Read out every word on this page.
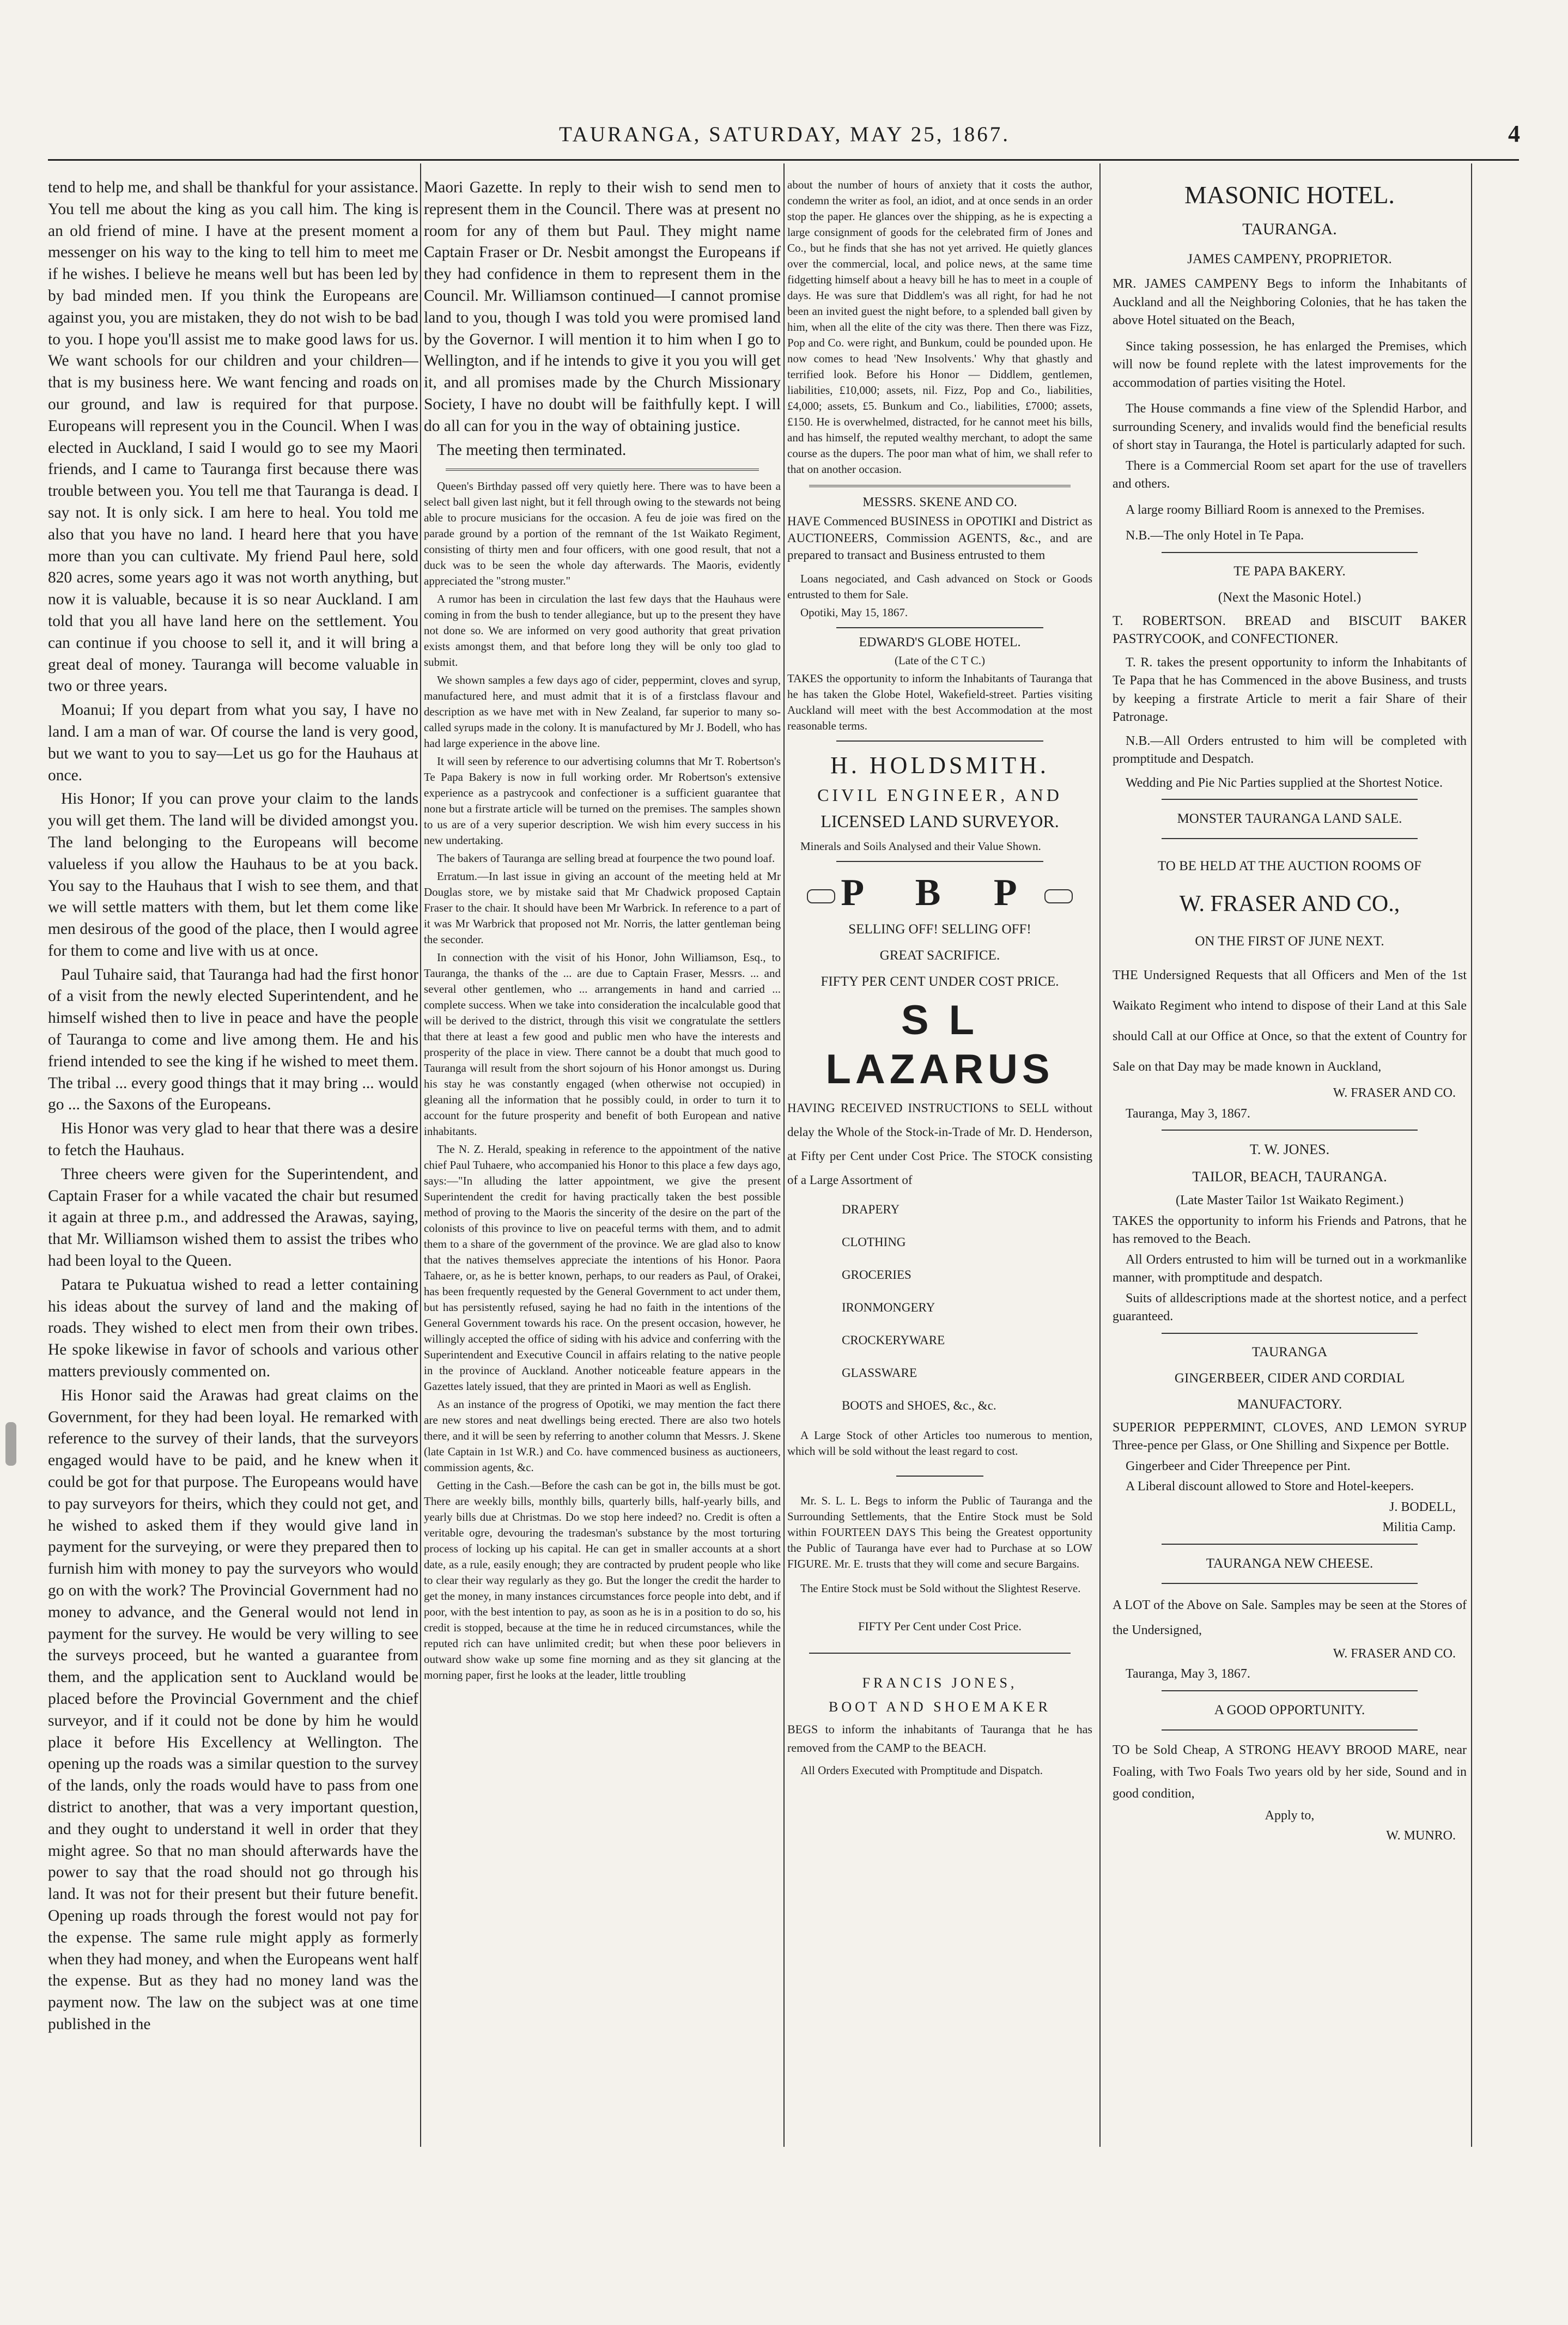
TAURANGA, SATURDAY, MAY 25, 1867.	4

tend to help me, and shall be thankful for your assistance. You tell me about the king as you call him. The king is an old friend of mine. I have at the present moment a messenger on his way to the king to tell him to meet me if he wishes. I believe he means well but has been led by by bad minded men. If you think the Europeans are against you, you are mistaken, they do not wish to be bad to you. I hope you'll assist me to make good laws for us. We want schools for our children and your children—that is my business here. We want fencing and roads on our ground, and law is required for that purpose. Europeans will represent you in the Council. When I was elected in Auckland, I said I would go to see my Maori friends, and I came to Tauranga first because there was trouble between you. You tell me that Tauranga is dead. I say not. It is only sick. I am here to heal. You told me also that you have no land. I heard here that you have more than you can cultivate. My friend Paul here, sold 820 acres, some years ago it was not worth anything, but now it is valuable, because it is so near Auckland. I am told that you all have land here on the settlement. You can continue if you choose to sell it, and it will bring a great deal of money. Tauranga will become valuable in two or three years.

Moanui; If you depart from what you say, I have no land. I am a man of war. Of course the land is very good, but we want to you to say—Let us go for the Hauhaus at once.

His Honor; If you can prove your claim to the lands you will get them. The land will be divided amongst you. The land belonging to the Europeans will become valueless if you allow the Hauhaus to be at you back. You say to the Hauhaus that I wish to see them, and that we will settle matters with them, but let them come like men desirous of the good of the place, then I would agree for them to come and live with us at once.

Paul Tuhaire said, that Tauranga had had the first honor of a visit from the newly elected Superintendent, and he himself wished then to live in peace and have the people of Tauranga to come and live among them. He and his friend intended to see the king if he wished to meet them. The tribal ... every good things that it may bring ... would go ... the Saxons of the Europeans.

His Honor was very glad to hear that there was a desire to fetch the Hauhaus.

Three cheers were given for the Superintendent, and Captain Fraser for a while vacated the chair but resumed it again at three p.m., and addressed the Arawas, saying, that Mr. Williamson wished them to assist the tribes who had been loyal to the Queen.

Patara te Pukuatua wished to read a letter containing his ideas about the survey of land and the making of roads. They wished to elect men from their own tribes. He spoke likewise in favor of schools and various other matters previously commented on.

His Honor said the Arawas had great claims on the Government, for they had been loyal. He remarked with reference to the survey of their lands, that the surveyors engaged would have to be paid, and he knew when it could be got for that purpose. The Europeans would have to pay surveyors for theirs, which they could not get, and he wished to asked them if they would give land in payment for the surveying, or were they prepared then to furnish him with money to pay the surveyors who would go on with the work? The Provincial Government had no money to advance, and the General would not lend in payment for the survey. He would be very willing to see the surveys proceed, but he wanted a guarantee from them, and the application sent to Auckland would be placed before the Provincial Government and the chief surveyor, and if it could not be done by him he would place it before His Excellency at Wellington. The opening up the roads was a similar question to the survey of the lands, only the roads would have to pass from one district to another, that was a very important question, and they ought to understand it well in order that they might agree. So that no man should afterwards have the power to say that the road should not go through his land. It was not for their present but their future benefit. Opening up roads through the forest would not pay for the expense. The same rule might apply as formerly when they had money, and when the Europeans went half the expense. But as they had no money land was the payment now. The law on the subject was at one time published in the

Maori Gazette. In reply to their wish to send men to represent them in the Council. There was at present no room for any of them but Paul. They might name Captain Fraser or Dr. Nesbit amongst the Europeans if they had confidence in them to represent them in the Council. Mr. Williamson continued—I cannot promise land to you, though I was told you were promised land by the Governor. I will mention it to him when I go to Wellington, and if he intends to give it you you will get it, and all promises made by the Church Missionary Society, I have no doubt will be faithfully kept. I will do all can for you in the way of obtaining justice.

The meeting then terminated.

Queen's Birthday passed off very quietly here. There was to have been a select ball given last night, but it fell through owing to the stewards not being able to procure musicians for the occasion. A feu de joie was fired on the parade ground by a portion of the remnant of the 1st Waikato Regiment, consisting of thirty men and four officers, with one good result, that not a duck was to be seen the whole day afterwards. The Maoris, evidently appreciated the "strong muster."

A rumor has been in circulation the last few days that the Hauhaus were coming in from the bush to tender allegiance, but up to the present they have not done so. We are informed on very good authority that great privation exists amongst them, and that before long they will be only too glad to submit.

We shown samples a few days ago of cider, peppermint, cloves and syrup, manufactured here, and must admit that it is of a firstclass flavour and description as we have met with in New Zealand, far superior to many so-called syrups made in the colony. It is manufactured by Mr J. Bodell, who has had large experience in the above line.

It will seen by reference to our advertising columns that Mr T. Robertson's Te Papa Bakery is now in full working order. Mr Robertson's extensive experience as a pastrycook and confectioner is a sufficient guarantee that none but a firstrate article will be turned on the premises. The samples shown to us are of a very superior description. We wish him every success in his new undertaking.

The bakers of Tauranga are selling bread at fourpence the two pound loaf.

Erratum.—In last issue in giving an account of the meeting held at Mr Douglas store, we by mistake said that Mr Chadwick proposed Captain Fraser to the chair. It should have been Mr Warbrick. In reference to a part of it was Mr Warbrick that proposed not Mr. Norris, the latter gentleman being the seconder.

In connection with the visit of his Honor, John Williamson, Esq., to Tauranga, the thanks of the ... are due to Captain Fraser, Messrs. ... and several other gentlemen, who ... arrangements in hand and carried ... complete success. When we take into consideration the incalculable good that will be derived to the district, through this visit we congratulate the settlers that there at least a few good and public men who have the interests and prosperity of the place in view. There cannot be a doubt that much good to Tauranga will result from the short sojourn of his Honor amongst us. During his stay he was constantly engaged (when otherwise not occupied) in gleaning all the information that he possibly could, in order to turn it to account for the future prosperity and benefit of both European and native inhabitants.

The N. Z. Herald, speaking in reference to the appointment of the native chief Paul Tuhaere, who accompanied his Honor to this place a few days ago, says:—"In alluding the latter appointment, we give the present Superintendent the credit for having practically taken the best possible method of proving to the Maoris the sincerity of the desire on the part of the colonists of this province to live on peaceful terms with them, and to admit them to a share of the government of the province. We are glad also to know that the natives themselves appreciate the intentions of his Honor. Paora Tahaere, or, as he is better known, perhaps, to our readers as Paul, of Orakei, has been frequently requested by the General Government to act under them, but has persistently refused, saying he had no faith in the intentions of the General Government towards his race. On the present occasion, however, he willingly accepted the office of siding with his advice and conferring with the Superintendent and Executive Council in affairs relating to the native people in the province of Auckland. Another noticeable feature appears in the Gazettes lately issued, that they are printed in Maori as well as English.

As an instance of the progress of Opotiki, we may mention the fact there are new stores and neat dwellings being erected. There are also two hotels there, and it will be seen by referring to another column that Messrs. J. Skene (late Captain in 1st W.R.) and Co. have commenced business as auctioneers, commission agents, &c.

Getting in the Cash.—Before the cash can be got in, the bills must be got. There are weekly bills, monthly bills, quarterly bills, half-yearly bills, and yearly bills due at Christmas. Do we stop here indeed? no. Credit is often a veritable ogre, devouring the tradesman's substance by the most torturing process of locking up his capital. He can get in smaller accounts at a short date, as a rule, easily enough; they are contracted by prudent people who like to clear their way regularly as they go. But the longer the credit the harder to get the money, in many instances circumstances force people into debt, and if poor, with the best intention to pay, as soon as he is in a position to do so, his credit is stopped, because at the time he in reduced circumstances, while the reputed rich can have unlimited credit; but when these poor believers in outward show wake up some fine morning and as they sit glancing at the morning paper, first he looks at the leader, little troubling

about the number of hours of anxiety that it costs the author, condemn the writer as fool, an idiot, and at once sends in an order stop the paper. He glances over the shipping, as he is expecting a large consignment of goods for the celebrated firm of Jones and Co., but he finds that she has not yet arrived. He quietly glances over the commercial, local, and police news, at the same time fidgetting himself about a heavy bill he has to meet in a couple of days. He was sure that Diddlem's was all right, for had he not been an invited guest the night before, to a splended ball given by him, when all the elite of the city was there. Then there was Fizz, Pop and Co. were right, and Bunkum, could be pounded upon. He now comes to head 'New Insolvents.' Why that ghastly and terrified look. Before his Honor — Diddlem, gentlemen, liabilities, £10,000; assets, nil. Fizz, Pop and Co., liabilities, £4,000; assets, £5. Bunkum and Co., liabilities, £7000; assets, £150. He is overwhelmed, distracted, for he cannot meet his bills, and has himself, the reputed wealthy merchant, to adopt the same course as the dupers. The poor man what of him, we shall refer to that on another occasion.

MESSRS. SKENE AND CO.

HAVE Commenced BUSINESS in OPOTIKI and District as AUCTIONEERS, Commission AGENTS, &c., and are prepared to transact and Business entrusted to them

Loans negociated, and Cash advanced on Stock or Goods entrusted to them for Sale.

Opotiki, May 15, 1867.

EDWARD'S GLOBE HOTEL.

(Late of the C T C.)

TAKES the opportunity to inform the Inhabitants of Tauranga that he has taken the Globe Hotel, Wakefield-street. Parties visiting Auckland will meet with the best Accommodation at the most reasonable terms.

H. HOLDSMITH.

CIVIL ENGINEER, AND

LICENSED LAND SURVEYOR.

Minerals and Soils Analysed and their Value Shown.

P B P

SELLING OFF! SELLING OFF!

GREAT SACRIFICE.

FIFTY PER CENT UNDER COST PRICE.

S L LAZARUS

HAVING RECEIVED INSTRUCTIONS to SELL without delay the Whole of the Stock-in-Trade of Mr. D. Henderson, at Fifty per Cent under Cost Price. The STOCK consisting of a Large Assortment of

DRAPERY

CLOTHING

GROCERIES

IRONMONGERY

CROCKERYWARE

GLASSWARE

BOOTS and SHOES, &c., &c.

A Large Stock of other Articles too numerous to mention, which will be sold without the least regard to cost.

Mr. S. L. L. Begs to inform the Public of Tauranga and the Surrounding Settlements, that the Entire Stock must be Sold within FOURTEEN DAYS This being the Greatest opportunity the Public of Tauranga have ever had to Purchase at so LOW FIGURE. Mr. E. trusts that they will come and secure Bargains.

The Entire Stock must be Sold without the Slightest Reserve.

FIFTY Per Cent under Cost Price.

FRANCIS JONES,

BOOT AND SHOEMAKER

BEGS to inform the inhabitants of Tauranga that he has removed from the CAMP to the BEACH.

All Orders Executed with Promptitude and Dispatch.

MASONIC HOTEL.

TAURANGA.

JAMES CAMPENY, PROPRIETOR.

MR. JAMES CAMPENY Begs to inform the Inhabitants of Auckland and all the Neighboring Colonies, that he has taken the above Hotel situated on the Beach,

Since taking possession, he has enlarged the Premises, which will now be found replete with the latest improvements for the accommodation of parties visiting the Hotel.

The House commands a fine view of the Splendid Harbor, and surrounding Scenery, and invalids would find the beneficial results of short stay in Tauranga, the Hotel is particularly adapted for such.

There is a Commercial Room set apart for the use of travellers and others.

A large roomy Billiard Room is annexed to the Premises.

N.B.—The only Hotel in Te Papa.

TE PAPA BAKERY.

(Next the Masonic Hotel.)

T. ROBERTSON. BREAD and BISCUIT BAKER PASTRYCOOK, and CONFECTIONER.

T. R. takes the present opportunity to inform the Inhabitants of Te Papa that he has Commenced in the above Business, and trusts by keeping a firstrate Article to merit a fair Share of their Patronage.

N.B.—All Orders entrusted to him will be completed with promptitude and Despatch.

Wedding and Pie Nic Parties supplied at the Shortest Notice.

MONSTER TAURANGA LAND SALE.

TO BE HELD AT THE AUCTION ROOMS OF

W. FRASER AND CO.,

ON THE FIRST OF JUNE NEXT.

THE Undersigned Requests that all Officers and Men of the 1st Waikato Regiment who intend to dispose of their Land at this Sale should Call at our Office at Once, so that the extent of Country for Sale on that Day may be made known in Auckland,

W. FRASER AND CO.

Tauranga, May 3, 1867.

T. W. JONES.

TAILOR, BEACH, TAURANGA.

(Late Master Tailor 1st Waikato Regiment.)

TAKES the opportunity to inform his Friends and Patrons, that he has removed to the Beach.

All Orders entrusted to him will be turned out in a workmanlike manner, with promptitude and despatch.

Suits of alldescriptions made at the shortest notice, and a perfect guaranteed.

TAURANGA

GINGERBEER, CIDER AND CORDIAL

MANUFACTORY.

SUPERIOR PEPPERMINT, CLOVES, AND LEMON SYRUP Three-pence per Glass, or One Shilling and Sixpence per Bottle.

Gingerbeer and Cider Threepence per Pint.

A Liberal discount allowed to Store and Hotel-keepers.

J. BODELL,

Militia Camp.

TAURANGA NEW CHEESE.

A LOT of the Above on Sale. Samples may be seen at the Stores of the Undersigned,

W. FRASER AND CO.

Tauranga, May 3, 1867.

A GOOD OPPORTUNITY.

TO be Sold Cheap, A STRONG HEAVY BROOD MARE, near Foaling, with Two Foals Two years old by her side, Sound and in good condition,

Apply to,

W. MUNRO.
